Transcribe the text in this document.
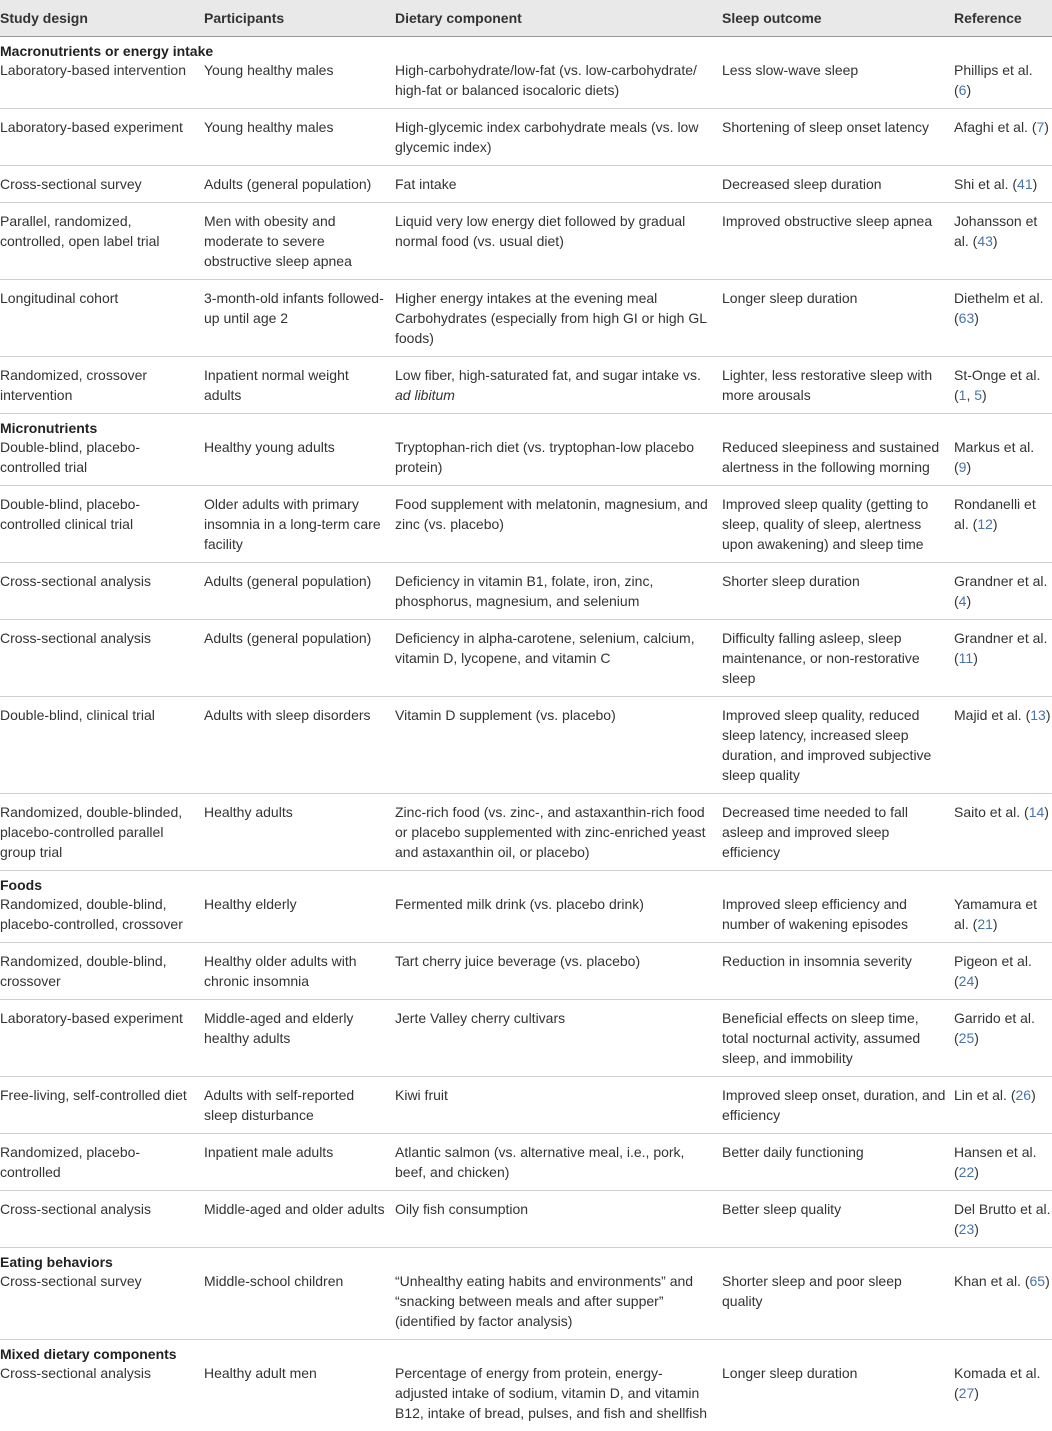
Study design	Participants	Dietary component	Sleep outcome	Reference
Macronutrients or energy intake				
Laboratory-based intervention	Young healthy males	High-carbohydrate/low-fat (vs. low-carbohydrate/ high-fat or balanced isocaloric diets)	Less slow-wave sleep	Phillips et al. (6)
Laboratory-based experiment	Young healthy males	High-glycemic index carbohydrate meals (vs. low glycemic index)	Shortening of sleep onset latency	Afaghi et al. (7)
Cross-sectional survey	Adults (general population)	Fat intake	Decreased sleep duration	Shi et al. (41)
Parallel, randomized, controlled, open label trial	Men with obesity and moderate to severe obstructive sleep apnea	Liquid very low energy diet followed by gradual normal food (vs. usual diet)	Improved obstructive sleep apnea	Johansson et al. (43)
Longitudinal cohort	3-month-old infants followed-up until age 2	Higher energy intakes at the evening meal Carbohydrates (especially from high GI or high GL foods)	Longer sleep duration	Diethelm et al. (63)
Randomized, crossover intervention	Inpatient normal weight adults	Low fiber, high-saturated fat, and sugar intake vs. ad libitum	Lighter, less restorative sleep with more arousals	St-Onge et al. (1, 5)
Micronutrients				
Double-blind, placebo-controlled trial	Healthy young adults	Tryptophan-rich diet (vs. tryptophan-low placebo protein)	Reduced sleepiness and sustained alertness in the following morning	Markus et al. (9)
Double-blind, placebo-controlled clinical trial	Older adults with primary insomnia in a long-term care facility	Food supplement with melatonin, magnesium, and zinc (vs. placebo)	Improved sleep quality (getting to sleep, quality of sleep, alertness upon awakening) and sleep time	Rondanelli et al. (12)
Cross-sectional analysis	Adults (general population)	Deficiency in vitamin B1, folate, iron, zinc, phosphorus, magnesium, and selenium	Shorter sleep duration	Grandner et al. (4)
Cross-sectional analysis	Adults (general population)	Deficiency in alpha-carotene, selenium, calcium, vitamin D, lycopene, and vitamin C	Difficulty falling asleep, sleep maintenance, or non-restorative sleep	Grandner et al. (11)
Double-blind, clinical trial	Adults with sleep disorders	Vitamin D supplement (vs. placebo)	Improved sleep quality, reduced sleep latency, increased sleep duration, and improved subjective sleep quality	Majid et al. (13)
Randomized, double-blinded, placebo-controlled parallel group trial	Healthy adults	Zinc-rich food (vs. zinc-, and astaxanthin-rich food or placebo supplemented with zinc-enriched yeast and astaxanthin oil, or placebo)	Decreased time needed to fall asleep and improved sleep efficiency	Saito et al. (14)
Foods				
Randomized, double-blind, placebo-controlled, crossover	Healthy elderly	Fermented milk drink (vs. placebo drink)	Improved sleep efficiency and number of wakening episodes	Yamamura et al. (21)
Randomized, double-blind, crossover	Healthy older adults with chronic insomnia	Tart cherry juice beverage (vs. placebo)	Reduction in insomnia severity	Pigeon et al. (24)
Laboratory-based experiment	Middle-aged and elderly healthy adults	Jerte Valley cherry cultivars	Beneficial effects on sleep time, total nocturnal activity, assumed sleep, and immobility	Garrido et al. (25)
Free-living, self-controlled diet	Adults with self-reported sleep disturbance	Kiwi fruit	Improved sleep onset, duration, and efficiency	Lin et al. (26)
Randomized, placebo-controlled	Inpatient male adults	Atlantic salmon (vs. alternative meal, i.e., pork, beef, and chicken)	Better daily functioning	Hansen et al. (22)
Cross-sectional analysis	Middle-aged and older adults	Oily fish consumption	Better sleep quality	Del Brutto et al. (23)
Eating behaviors				
Cross-sectional survey	Middle-school children	“Unhealthy eating habits and environments” and “snacking between meals and after supper” (identified by factor analysis)	Shorter sleep and poor sleep quality	Khan et al. (65)
Mixed dietary components				
Cross-sectional analysis	Healthy adult men	Percentage of energy from protein, energy-adjusted intake of sodium, vitamin D, and vitamin B12, intake of bread, pulses, and fish and shellfish	Longer sleep duration	Komada et al. (27)
